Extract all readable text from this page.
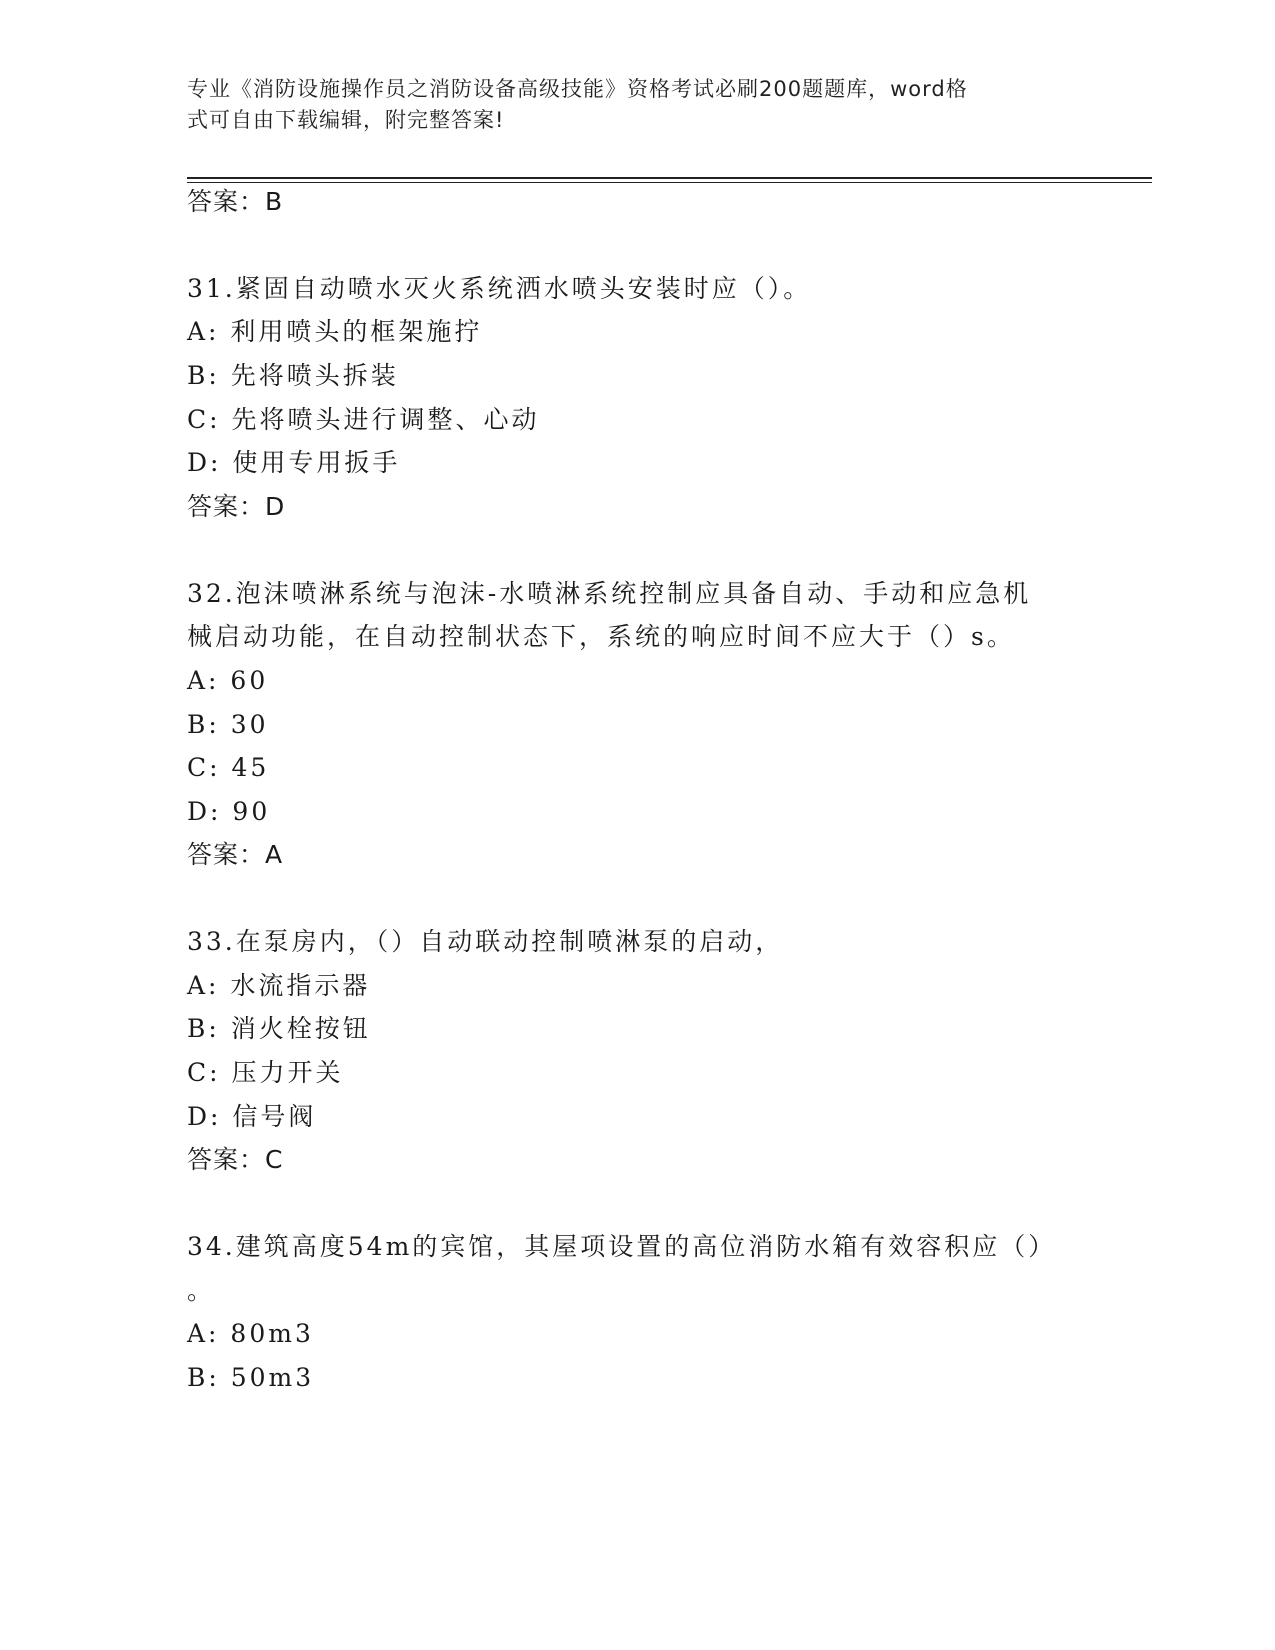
专业《消防设施操作员之消防设备高级技能》资格考试必刷200题题库，word格
式可自由下载编辑，附完整答案!
答案：B
31.紧固自动喷水灭火系统洒水喷头安装时应（）。
A: 利用喷头的框架施拧
B: 先将喷头拆装
C: 先将喷头进行调整、心动
D: 使用专用扳手
答案：D
32.泡沫喷淋系统与泡沫-水喷淋系统控制应具备自动、手动和应急机
械启动功能，在自动控制状态下，系统的响应时间不应大于（）s。
A: 60
B: 30
C: 45
D: 90
答案：A
33.在泵房内，（）自动联动控制喷淋泵的启动，
A: 水流指示器
B: 消火栓按钮
C: 压力开关
D: 信号阀
答案：C
34.建筑高度54m的宾馆，其屋项设置的高位消防水箱有效容积应（）
。
A: 80m3
B: 50m3
